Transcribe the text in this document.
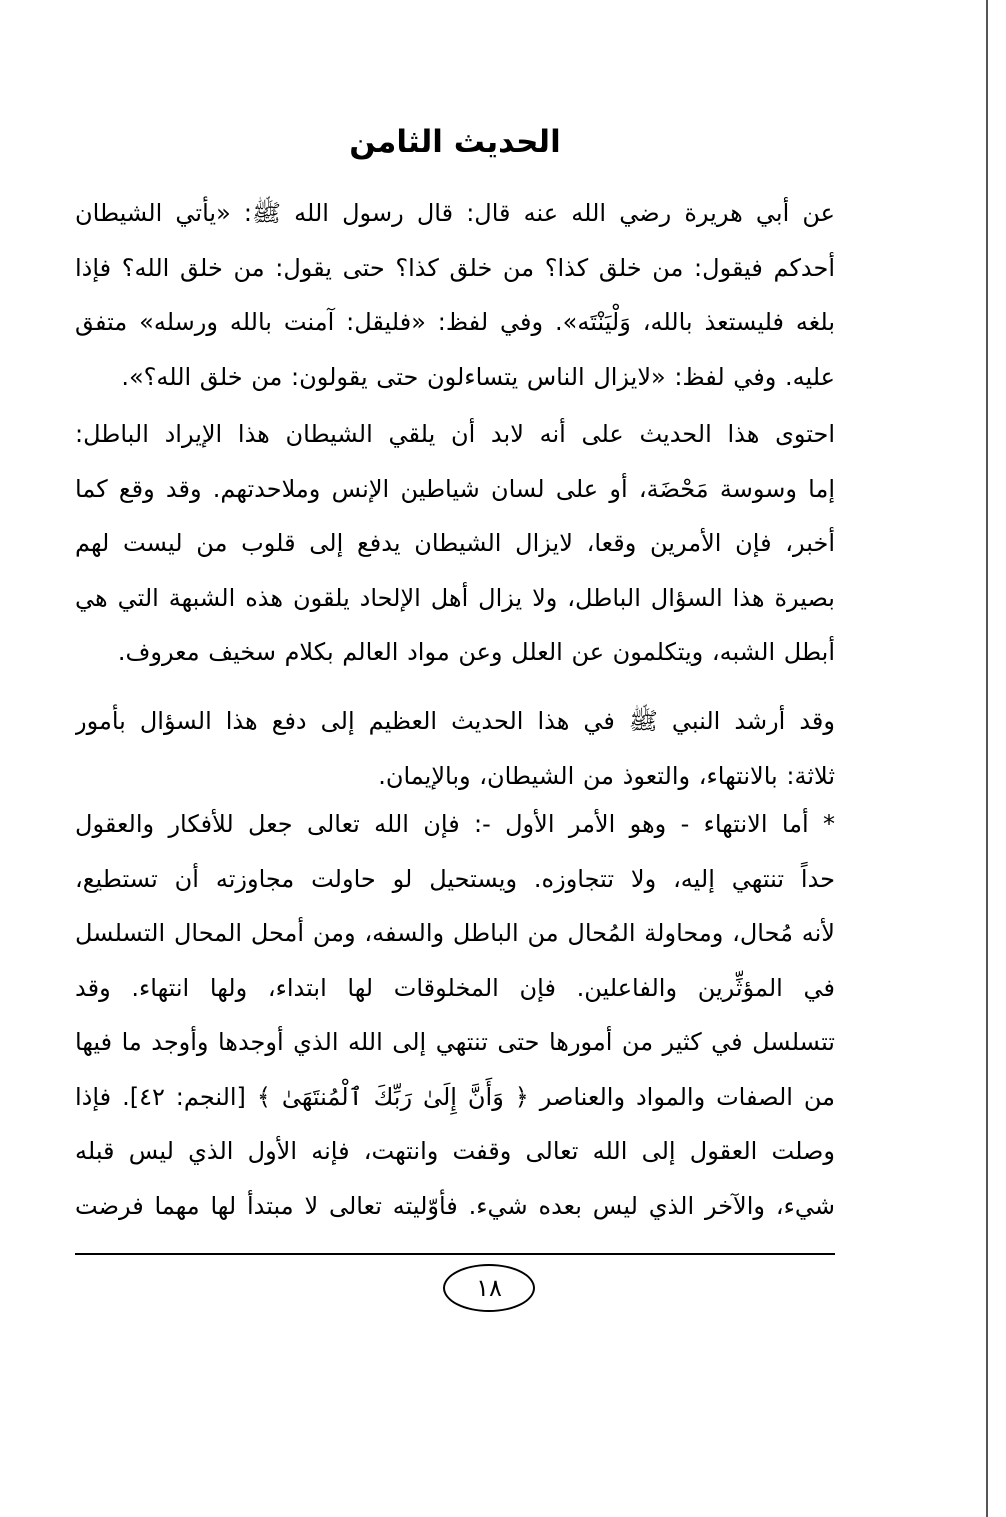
الحديث الثامن
عن أبي هريرة رضي الله عنه قال: قال رسول الله ﷺ: «يأتي الشيطان
أحدكم فيقول: من خلق كذا؟ من خلق كذا؟ حتى يقول: من خلق الله؟ فإذا
بلغه فليستعذ بالله، وَلْيَنْتَه». وفي لفظ: «فليقل: آمنت بالله ورسله» متفق
عليه. وفي لفظ: «لايزال الناس يتساءلون حتى يقولون: من خلق الله؟».
احتوى هذا الحديث على أنه لابد أن يلقي الشيطان هذا الإيراد الباطل:
إما وسوسة مَحْضَة، أو على لسان شياطين الإنس وملاحدتهم. وقد وقع كما
أخبر، فإن الأمرين وقعا، لايزال الشيطان يدفع إلى قلوب من ليست لهم
بصيرة هذا السؤال الباطل، ولا يزال أهل الإلحاد يلقون هذه الشبهة التي هي
أبطل الشبه، ويتكلمون عن العلل وعن مواد العالم بكلام سخيف معروف.
وقد أرشد النبي ﷺ في هذا الحديث العظيم إلى دفع هذا السؤال بأمور
ثلاثة: بالانتهاء، والتعوذ من الشيطان، وبالإيمان.
* أما الانتهاء - وهو الأمر الأول -: فإن الله تعالى جعل للأفكار والعقول
حداً تنتهي إليه، ولا تتجاوزه. ويستحيل لو حاولت مجاوزته أن تستطيع،
لأنه مُحال، ومحاولة المُحال من الباطل والسفه، ومن أمحل المحال التسلسل
في المؤثِّرين والفاعلين. فإن المخلوقات لها ابتداء، ولها انتهاء. وقد
تتسلسل في كثير من أمورها حتى تنتهي إلى الله الذي أوجدها وأوجد ما فيها
من الصفات والمواد والعناصر ﴿ وَأَنَّ إِلَىٰ رَبِّكَ ٱلْمُنتَهَىٰ ﴾ [النجم: ٤٢]. فإذا
وصلت العقول إلى الله تعالى وقفت وانتهت، فإنه الأول الذي ليس قبله
شيء، والآخر الذي ليس بعده شيء. فأوّليته تعالى لا مبتدأ لها مهما فرضت
١٨
